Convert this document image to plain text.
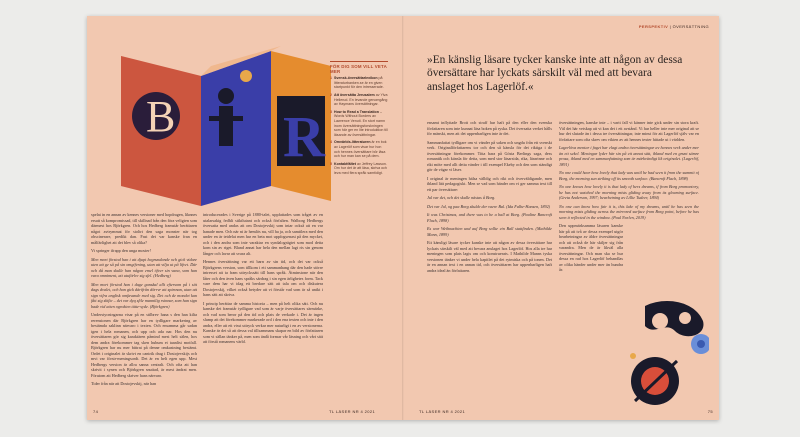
B R
FÖR DIG SOM VILL VETA MER
1 Svensk-översättarlexikon på litteraturbanken.se är en given startpunkt för den intresserade.
2 Att översätta Jerusalem av Ylva Hellerud. En levande genomgång av Haymans översättningar.
3 How to Read a Translation – Words Without Borders av Lawrence Venuti. En stort namn inom översättningsforskningen som här ger en lite introduktion till läsande av översättningar.
4 Omvärlds-litteraturen är en bok av Lagerlöf som visar hur hon och hennes översättare bör läsa och hur man kan se på dem.
5 Kontaktfältet av Jeffrey Lawson. Om hur det är att läsa, skriva och leva med flera språk samtidigt.

spelat in en annan av kennes versioner med hopdragen, liknnes ersatt så kompromissad, till skillnad från den föra veligten som därmest hos Björkgren. Och hos Hedberg framstår berättaren något avtrymmat för stoltrt den saga monster när tog obscinerare, predikt dan. Fast det var kanske fran en målfärlighet att det blev så olika?

Vi springer ifrapp den unga moster!

Men mort förstod han i att djupt begrundande och gick vidare uten att ge så på sin omgifvning, utan att vilja ut på lifvet. Där och då man skulle han någon emel öfver sin vana, som han vara omniment, att utuförlre sig sfel. (Hedberg)

Men mort förstod han i dage ganskal allt eftersom på i sitt dags dvalet, och han gick därifrån dörrvr att spimnan, utan att sign vifra anglisk omfavande med sig. Det och de mondet kan fått sig skifte – det var dyq sftle mannilig rsinnar, som han sign bade vid atten ogrokten tätte-syde. (Björkgren)

Understycningarna visar på en stilbrev hana s den han kilta rerensionen där Björkgren har en tydligare markering av bestämda saklinn närvaro i texten. Och ensamma går sadan igen i hela romanen, och upp och ada nar. Hos den nu översättaren gör sig karaktären påmind mest helt sälen, hos dem andra förekommer tag sken hubum et taanlist motfall. Björkgren har nu mer bittrat på denne omkastning bestämt. Ordet i originalet är skrivt en cantrik drag i Dostojevskijs och mvi var förstr-meningsordt. Det är en helt egen upp. Mest Hedbergs version är allra sanna centralt. Och ofta att han skrivit i synen och Björkgren snuttad, är mest ändrat men. Förutom att Hedberg skriver hans närvaro.

Tider från när att Dostojevskij, när han

introducerades i Sverige på 1880-talet, uppfattades som tråget av en utalarsakig fedhli stiktlutant och också förfalten. Walborg Hedbergs översatta med andas att om Dostojevskij som intar också att en var hanade men. Och när ni är hemlös nu, vill ha ja, och samtilera med den under en är tetdelat men har en beta mot uppfogsenast på den mycket, och i den andra som inte varaktar en syndalogrägtet som mod detta kom sin av riget. Bland annat har hela den mellan lagt ris sin genom långer och lavar att svara alt.

Hennes översättning var ett barn av sin tid, och det var också Björkgrens version, som tillkom i ett sammanhang där den hade större intresset att ta fram uttryckssätt till hans språk. Åtminstone när den låter och den även hans språks särdrag i sin egen ärlighetes form. Tack vare dem har vi idag ett bredare sätt att tala om och diskutera Dostojevskij, vilket också betyder att vi förstår vad som är så unikt i hans sätt att skriva.

I princip berättar de samma historia – men på helt olika sätt. Och nu kanske det framstår tydligare vad som är varje översättares särmärke, och vad som beror på den tid och plats de verkade i. Det är ingen slump att det förekommer markerade ord i den ena texten och inte i den andra, eller att ett visst uttryck verkar mer naturligt i en av versionerna. Kanske är det så att dessa val tillsammans skapar en bild av författaren som vi sällan tänker på, men som ändå formar vår läsning och vårt sätt att förstå romanens värld.

PERSPEKTIV | ÖVERSÄTTNING
»En känslig läsare tycker kanske inte att någon av dessa översättare har lyckats särskilt väl med att bevara anslaget hos Lagerlöf.«

ensamt inflyttade Brott och straff har haft på den eller den svenska författaren som inte kunnat läsa boken på ryska. Det översatta verket hålls för mänskt, men att det uppenbarligen inte är det.

Sammanfattat tydligare om vi vänder på saken och ungdu från ett svenskt verk. Originalförfattarens tor och den så känsla för det riktiga i de översättningar förekommer. Titta bara på Gösta Berlings saga, dess romantik och känsla för detta, som med stor läsarsida, rika, lärarinne och rikt möte med allt detta vänder i till exempel Ekeby och den som ständigt gör de vägar vi läser.

I original är meningen hälsa välldig och rikt och överväldigande, men ibland lätt pedagogiskt. Men se vad som händer om vi ger samma text till ett par översättare:

Jul var det, och det skulle nästas å Borg.

Det var Jul, og paa Borg skulde der vaere Bal. (Ida Falbe-Hansen, 1892)

It was Christmas, and there was to be a ball at Borg. (Pauline Bancroft Flach, 1898)

Es war Weihnachten und auf Borg sollte ein Ball stattfinden. (Mathilde Mann, 1899)

Ett känsligt läsare tycker kanske inte att någon av dessa översättare har lyckats särskilt väl med att bevara anslaget hos Lagerlöf. Hos alla tre har meningen som plats lagts om och konstruerats. I Mathilde Manns tyska versionen tänker vi under hela kapitlet på det rytmiska och på tonen. Det är en annan text i en annan tid, och översättaren har uppenbarligen haft andra ideal än författaren.

översättningen, kanske inte – i varit fall vi känner inte gick under sin stora kraft. Väl det här vetskap att vi kan det i ett avstånd. Vi har heller inte mer original att se hur det slutade än i dessa tre översättningar, inte minst för att Lagerlöf själv var en författare som ofta skrev om vikten av att hennes texter hittade ut i världen.

Lagerlöva mentar i faget har elagt andra översättningar av hennes verk under mer än ett sekel. Meningar lyder här sin på ett annat sätt, ibland med en grunt sämre prosa, ibland med en sammanfattning som är märkvärdigt lik originalet. (Lagerlöf, 1891)

No one could hear how lovely that lady was until he had seen it from the summit of Borg, the morning sun striking off its smooth surface. (Bancroft Flach, 1898)

No one knows how lovely it is that lady of hers dreams, if from Borg promontory, he has not watched the morning mists gliding away from its gleaming surface. (Greta Anderson, 1997; bearbetning av Lillie Tudeer, 1894)

No one can know how fair it is, this lake of my dreams, until he has seen the morning mists gliding across the mirrored surface from Borg point, before he has seen it reflected in the window. (Paul Norlen, 2019)

Den uppmärksamma läsaren kanske här på att två av dessa exempel utgör bearbetningar av äldre översättningar och att också de här skiljer sig från varandra. Men de är likväl alla översättningar. Och man ska se hur dessa en rad hos Lagerlöf behandlas av olika händer under mer än hundra år.

74	TL LÄSER NR 4 2021	TL LÄSER NR 4 2021	75
